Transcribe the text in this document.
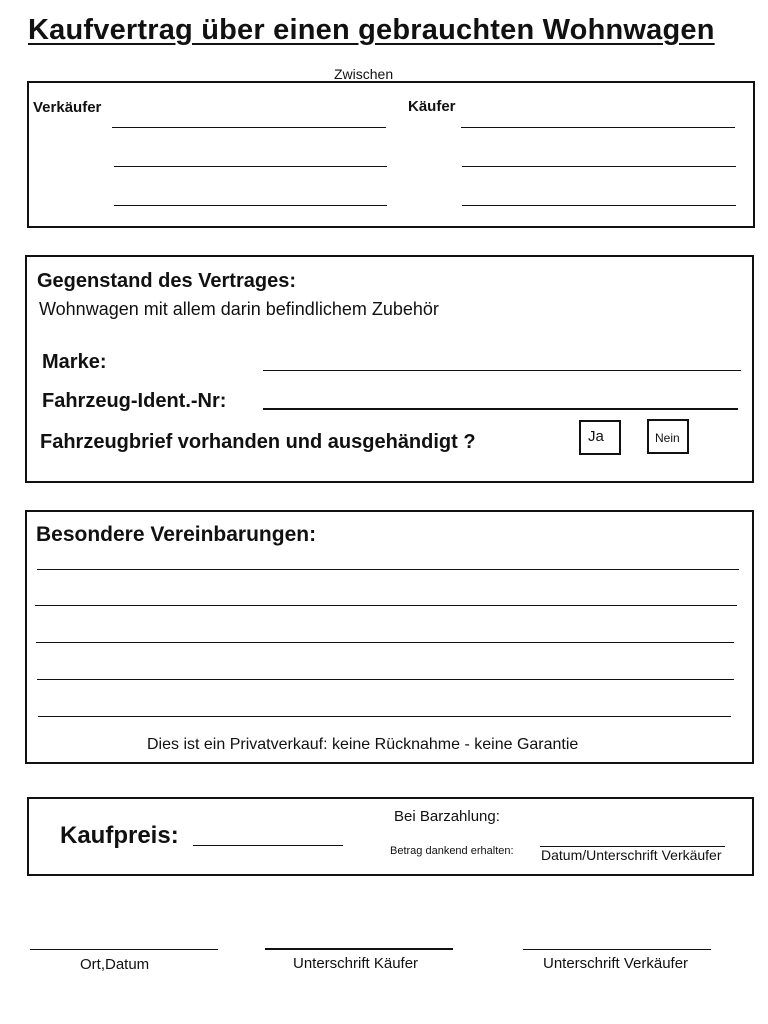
Kaufvertrag über einen gebrauchten Wohnwagen
Zwischen
Verkäufer	Käufer
Gegenstand des Vertrages:
Wohnwagen mit allem darin befindlichem Zubehör
Marke:
Fahrzeug-Ident.-Nr:
Fahrzeugbrief vorhanden und ausgehändigt ?	Ja	Nein
Besondere Vereinbarungen:
Dies ist ein Privatverkauf: keine Rücknahme - keine Garantie
Kaufpreis:
Bei Barzahlung:
Betrag dankend erhalten: Datum/Unterschrift Verkäufer
Ort,Datum	Unterschrift Käufer	Unterschrift Verkäufer
